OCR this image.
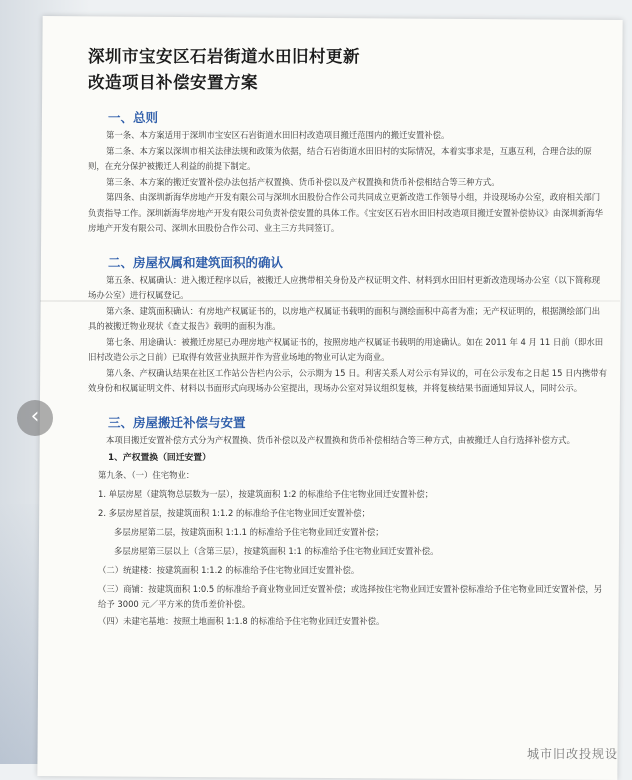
深圳市宝安区石岩街道水田旧村更新
改造项目补偿安置方案
一、总则

第一条、本方案适用于深圳市宝安区石岩街道水田旧村改造项目搬迁范围内的搬迁安置补偿。

第二条、本方案以深圳市相关法律法规和政策为依据，结合石岩街道水田旧村的实际情况，本着实事求是，互惠互利，合理合法的原则，在充分保护被搬迁人利益的前提下制定。

第三条、本方案的搬迁安置补偿办法包括产权置换、货币补偿以及产权置换和货币补偿相结合等三种方式。

第四条、由深圳新海华房地产开发有限公司与深圳水田股份合作公司共同成立更新改造工作领导小组，并设现场办公室，政府相关部门负责指导工作。深圳新海华房地产开发有限公司负责补偿安置的具体工作。《宝安区石岩水田旧村改造项目搬迁安置补偿协议》由深圳新海华房地产开发有限公司、深圳水田股份合作公司、业主三方共同签订。

二、房屋权属和建筑面积的确认

第五条、权属确认：进入搬迁程序以后，被搬迁人应携带相关身份及产权证明文件、材料到水田旧村更新改造现场办公室（以下简称现场办公室）进行权属登记。

第六条、建筑面积确认：有房地产权属证书的，以房地产权属证书载明的面积与测绘面积中高者为准；无产权证明的，根据测绘部门出具的被搬迁物业现状《查丈报告》载明的面积为准。

第七条、用途确认：被搬迁房屋已办理房地产权属证书的，按照房地产权属证书载明的用途确认。如在 2011 年 4 月 11 日前（即水田旧村改造公示之日前）已取得有效营业执照并作为营业场地的物业可认定为商业。

第八条、产权确认结果在社区工作站公告栏内公示，公示期为 15 日。利害关系人对公示有异议的，可在公示发布之日起 15 日内携带有效身份和权属证明文件、材料以书面形式向现场办公室提出，现场办公室对异议组织复核，并将复核结果书面通知异议人，同时公示。

三、房屋搬迁补偿与安置

本项目搬迁安置补偿方式分为产权置换、货币补偿以及产权置换和货币补偿相结合等三种方式，由被搬迁人自行选择补偿方式。

1、产权置换（回迁安置）
第九条、（一）住宅物业：
1. 单层房屋（建筑物总层数为一层），按建筑面积 1:2 的标准给予住宅物业回迁安置补偿；
2. 多层房屋首层，按建筑面积 1:1.2 的标准给予住宅物业回迁安置补偿；
多层房屋第二层，按建筑面积 1:1.1 的标准给予住宅物业回迁安置补偿；
多层房屋第三层以上（含第三层），按建筑面积 1:1 的标准给予住宅物业回迁安置补偿。
（二）统建楼：按建筑面积 1:1.2 的标准给予住宅物业回迁安置补偿。
（三）商铺：按建筑面积 1:0.5 的标准给予商业物业回迁安置补偿；或选择按住宅物业回迁安置补偿标准给予住宅物业回迁安置补偿，另给予 3000 元／平方米的货币差价补偿。
（四）未建宅基地：按照土地面积 1:1.8 的标准给予住宅物业回迁安置补偿。
‹
城市旧改投规设
